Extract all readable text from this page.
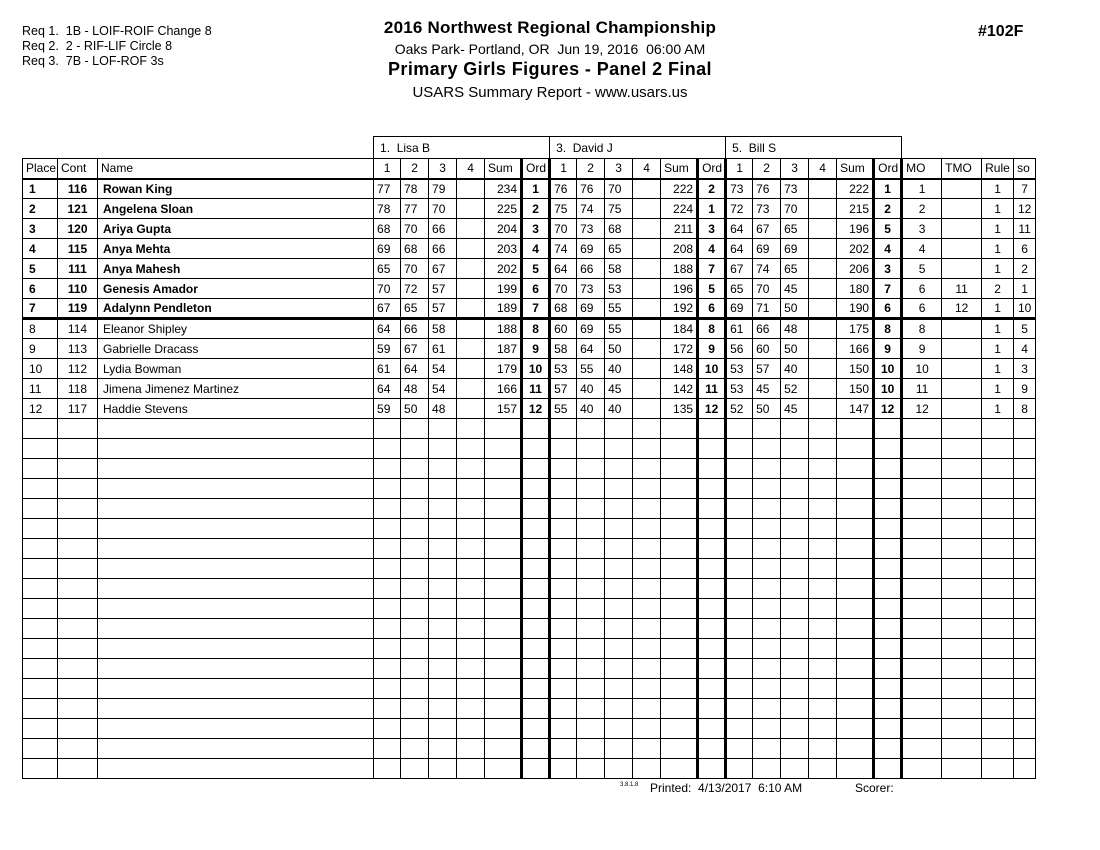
Req 1.  1B - LOIF-ROIF Change 8
Req 2.  2 - RIF-LIF Circle 8
Req 3.  7B - LOF-ROF 3s
2016 Northwest Regional Championship
Oaks Park- Portland, OR  Jun 19, 2016  06:00 AM
Primary Girls Figures - Panel 2 Final
USARS Summary Report - www.usars.us
#102F
			1.  Lisa B						3.  David J						5.  Bill S									
Place	Cont	Name	1	2	3	4	Sum	Ord	1	2	3	4	Sum	Ord	1	2	3	4	Sum	Ord	MO	TMO	Rule	so
1	116	Rowan King	77	78	79		234	1	76	76	70		222	2	73	76	73		222	1	1		1	7
2	121	Angelena Sloan	78	77	70		225	2	75	74	75		224	1	72	73	70		215	2	2		1	12
3	120	Ariya Gupta	68	70	66		204	3	70	73	68		211	3	64	67	65		196	5	3		1	11
4	115	Anya Mehta	69	68	66		203	4	74	69	65		208	4	64	69	69		202	4	4		1	6
5	111	Anya Mahesh	65	70	67		202	5	64	66	58		188	7	67	74	65		206	3	5		1	2
6	110	Genesis Amador	70	72	57		199	6	70	73	53		196	5	65	70	45		180	7	6	11	2	1
7	119	Adalynn Pendleton	67	65	57		189	7	68	69	55		192	6	69	71	50		190	6	6	12	1	10
8	114	Eleanor Shipley	64	66	58		188	8	60	69	55		184	8	61	66	48		175	8	8		1	5
9	113	Gabrielle Dracass	59	67	61		187	9	58	64	50		172	9	56	60	50		166	9	9		1	4
10	112	Lydia Bowman	61	64	54		179	10	53	55	40		148	10	53	57	40		150	10	10		1	3
11	118	Jimena Jimenez Martinez	64	48	54		166	11	57	40	45		142	11	53	45	52		150	10	11		1	9
12	117	Haddie Stevens	59	50	48		157	12	55	40	40		135	12	52	50	45		147	12	12		1	8

3.8.1.8 Printed:  4/13/2017  6:10 AM	Scorer:
